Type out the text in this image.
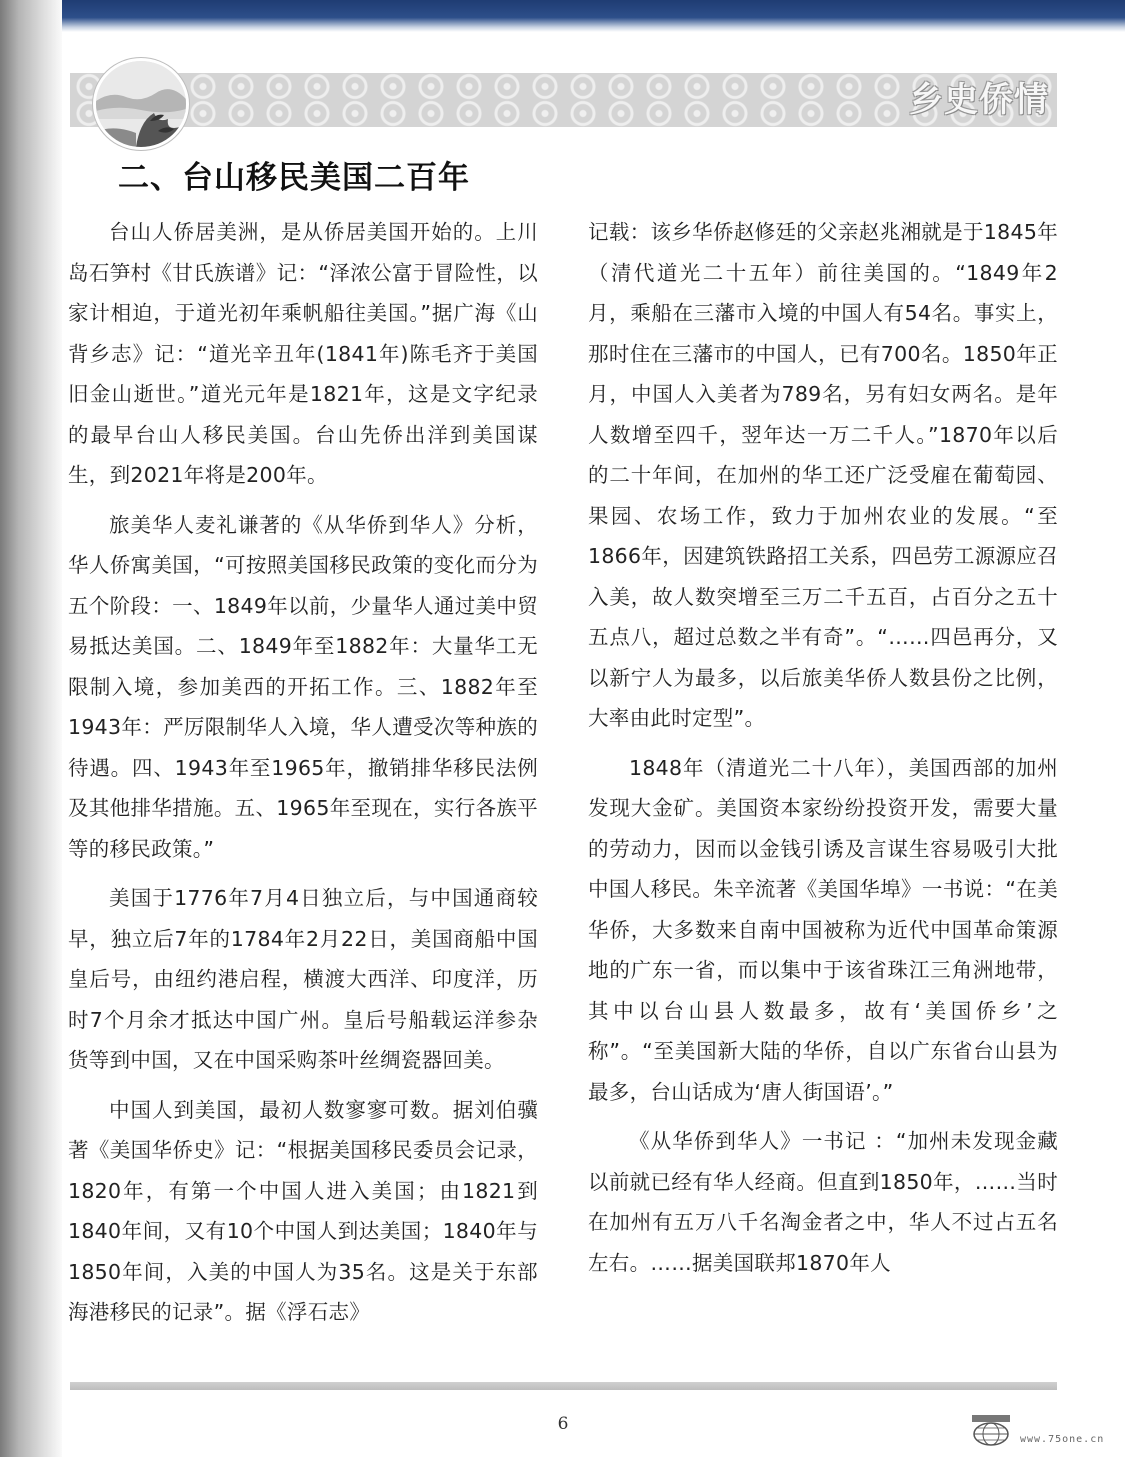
乡史侨情
二、台山移民美国二百年

台山人侨居美洲，是从侨居美国开始的。上川岛石笋村《甘氏族谱》记：“泽浓公富于冒险性，以家计相迫，于道光初年乘帆船往美国。”据广海《山背乡志》记：“道光辛丑年(1841年)陈毛齐于美国旧金山逝世。”道光元年是1821年，这是文字纪录的最早台山人移民美国。台山先侨出洋到美国谋生，到2021年将是200年。

旅美华人麦礼谦著的《从华侨到华人》分析，华人侨寓美国，“可按照美国移民政策的变化而分为五个阶段：一、1849年以前，少量华人通过美中贸易抵达美国。二、1849年至1882年：大量华工无限制入境，参加美西的开拓工作。三、1882年至1943年：严厉限制华人入境，华人遭受次等种族的待遇。四、1943年至1965年，撤销排华移民法例及其他排华措施。五、1965年至现在，实行各族平等的移民政策。”

美国于1776年7月4日独立后，与中国通商较早，独立后7年的1784年2月22日，美国商船中国皇后号，由纽约港启程，横渡大西洋、印度洋，历时7个月余才抵达中国广州。皇后号船载运洋参杂货等到中国，又在中国采购茶叶丝绸瓷器回美。

中国人到美国，最初人数寥寥可数。据刘伯骥著《美国华侨史》记：“根据美国移民委员会记录，1820年，有第一个中国人进入美国；由1821到1840年间，又有10个中国人到达美国；1840年与1850年间，入美的中国人为35名。这是关于东部海港移民的记录”。据《浮石志》

记载：该乡华侨赵修廷的父亲赵兆湘就是于1845年（清代道光二十五年）前往美国的。“1849年2月，乘船在三藩市入境的中国人有54名。事实上，那时住在三藩市的中国人，已有700名。1850年正月，中国人入美者为789名，另有妇女两名。是年人数增至四千，翌年达一万二千人。”1870年以后的二十年间，在加州的华工还广泛受雇在葡萄园、果园、农场工作，致力于加州农业的发展。“至1866年，因建筑铁路招工关系，四邑劳工源源应召入美，故人数突增至三万二千五百，占百分之五十五点八，超过总数之半有奇”。“……四邑再分，又以新宁人为最多，以后旅美华侨人数县份之比例，大率由此时定型”。

1848年（清道光二十八年），美国西部的加州发现大金矿。美国资本家纷纷投资开发，需要大量的劳动力，因而以金钱引诱及言谋生容易吸引大批中国人移民。朱辛流著《美国华埠》一书说：“在美华侨，大多数来自南中国被称为近代中国革命策源地的广东一省，而以集中于该省珠江三角洲地带，其中以台山县人数最多，故有‘美国侨乡’之称”。“至美国新大陆的华侨，自以广东省台山县为最多，台山话成为‘唐人街国语’。”

《从华侨到华人》一书记 ：“加州未发现金藏以前就已经有华人经商。但直到1850年，……当时在加州有五万八千名淘金者之中，华人不过占五名左右。……据美国联邦1870年人

6

www.75one.cn
